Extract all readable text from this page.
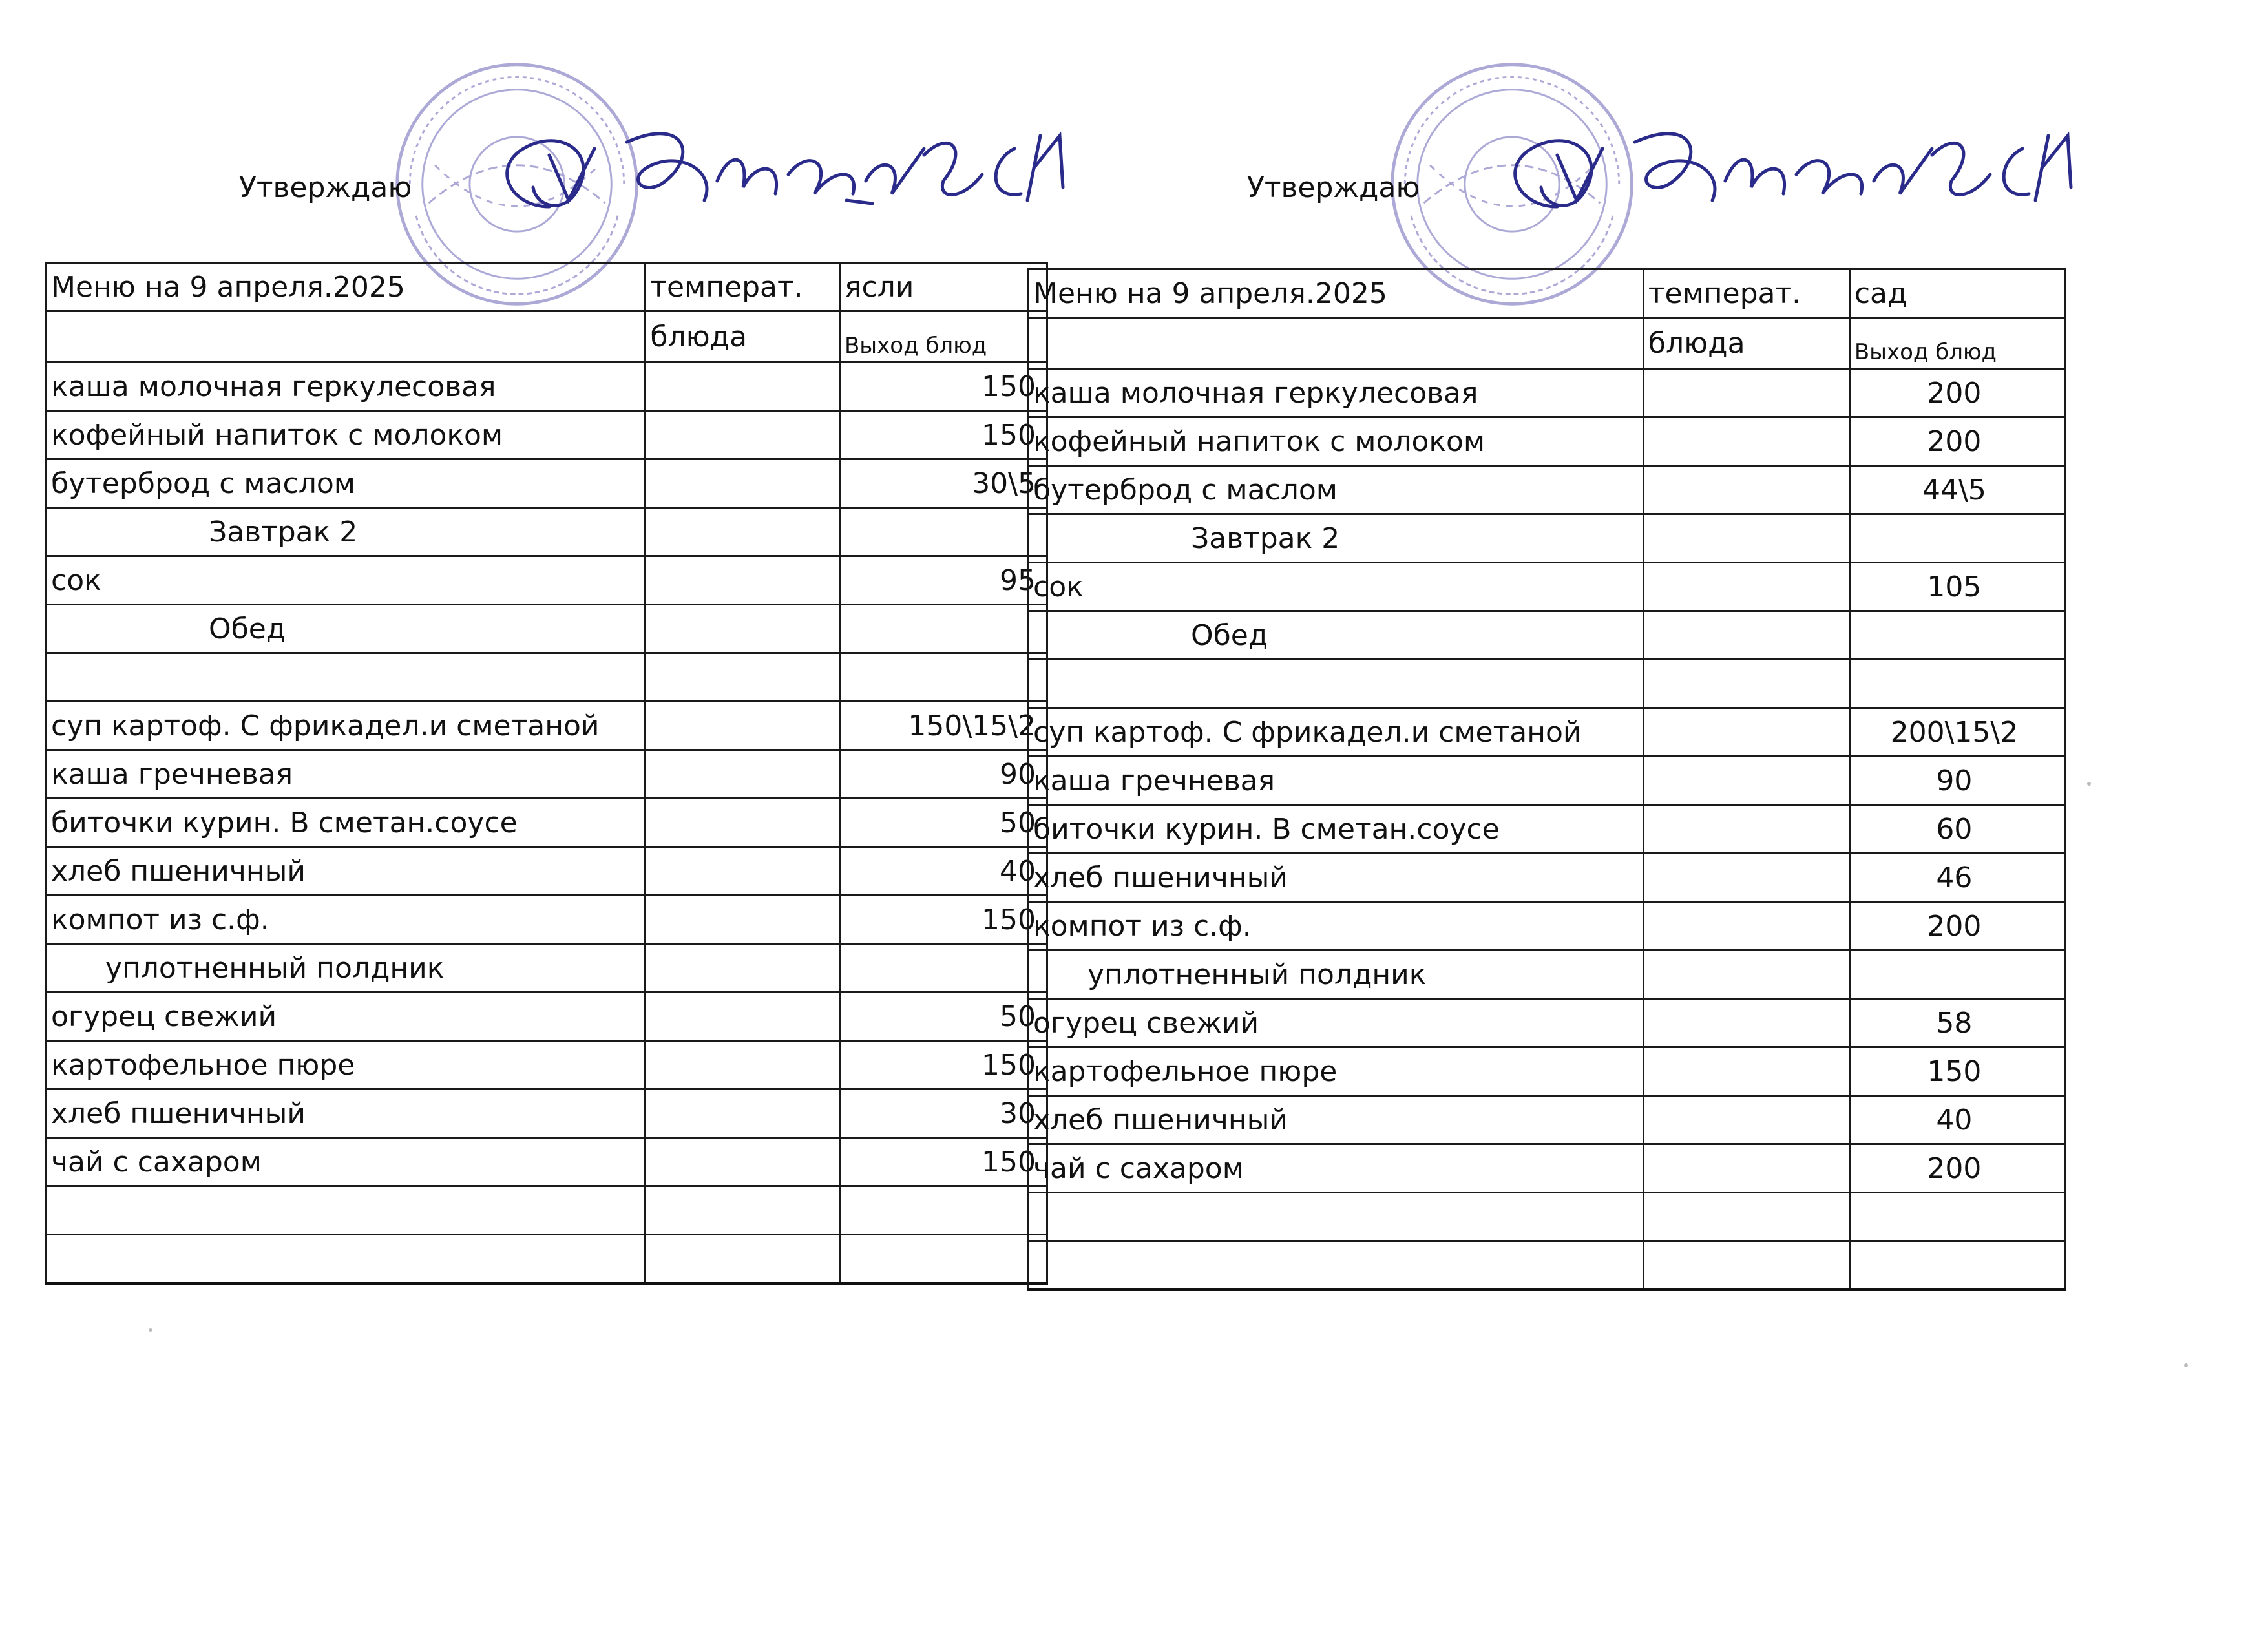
Утверждаю	Утверждаю
Меню на 9 апреля.2025	температ.	ясли
	блюда	Выход блюд
каша молочная геркулесовая		150
кофейный напиток с молоком		150
бутерброд с маслом		30\5
Завтрак 2		
сок		95
Обед		

суп картоф. С фрикадел.и сметаной		150\15\2
каша гречневая		90
биточки курин. В сметан.соусе		50
хлеб пшеничный		40
компот из с.ф.		150
уплотненный полдник		
огурец свежий		50
картофельное пюре		150
хлеб пшеничный		30
чай с сахаром		150

Меню на 9 апреля.2025	температ.	сад
	блюда	Выход блюд
каша молочная геркулесовая		200
кофейный напиток с молоком		200
бутерброд с маслом		44\5
Завтрак 2		
сок		105
Обед		

суп картоф. С фрикадел.и сметаной		200\15\2
каша гречневая		90
биточки курин. В сметан.соусе		60
хлеб пшеничный		46
компот из с.ф.		200
уплотненный полдник		
огурец свежий		58
картофельное пюре		150
хлеб пшеничный		40
чай с сахаром		200
